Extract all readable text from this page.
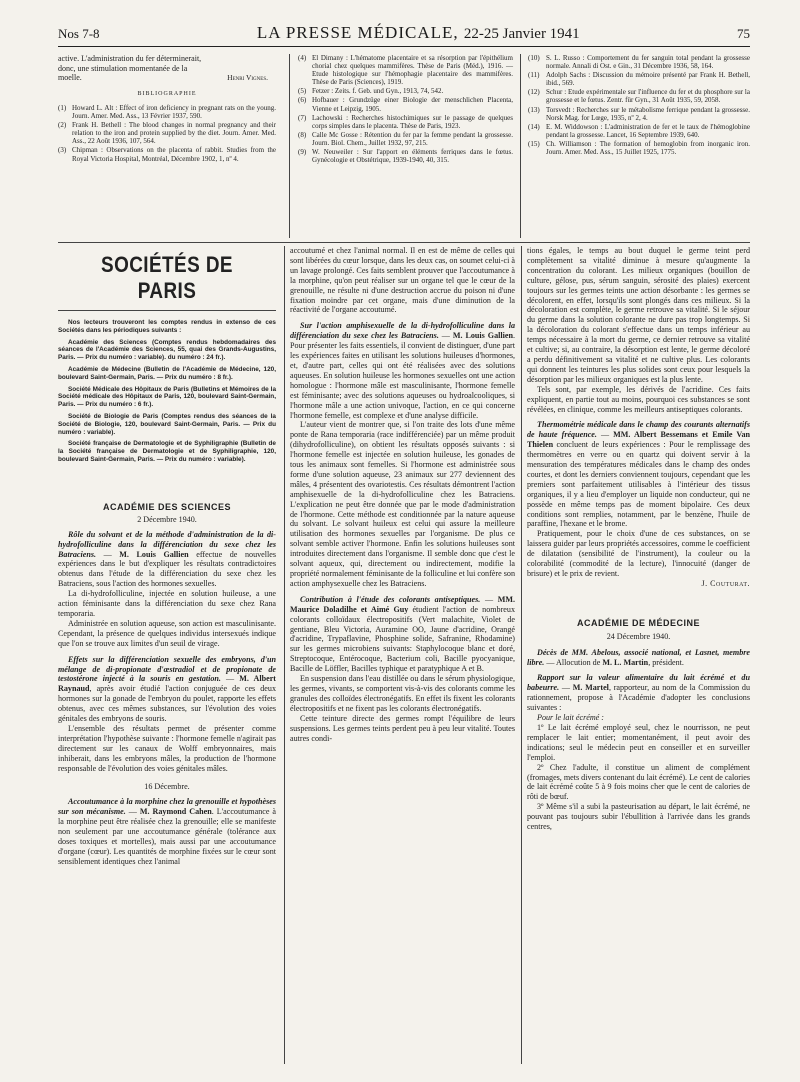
Nos 7-8	LA PRESSE MÉDICALE, 22-25 Janvier 1941	75

active. L'administration du fer déterminerait,

donc, une stimulation momentanée de la

moelle.	Henri Vignes.

BIBLIOGRAPHIE
(1) Howard L. Alt : Effect of iron deficiency in pregnant rats on the young. Journ. Amer. Med. Ass., 13 Février 1937, 590.
(2) Frank H. Bethell : The blood changes in normal pregnancy and their relation to the iron and protein supplied by the diet. Journ. Amer. Med. Ass., 22 Août 1936, 107, 564.
(3) Chipman : Observations on the placenta of rabbit. Studies from the Royal Victoria Hospital, Montréal, Décembre 1902, 1, nº 4.
(4) El Dimany : L'hématome placentaire et sa résorption par l'épithélium chorial chez quelques mammifères. Thèse de Paris (Méd.), 1916. — Etude histologique sur l'hémophagie placentaire des mammifères. Thèse de Paris (Sciences), 1919.
(5) Fetzer : Zeits. f. Geb. und Gyn., 1913, 74, 542.
(6) Hofbauer : Grundzüge einer Biologie der menschlichen Placenta, Vienne et Leipzig, 1905.
(7) Lachowski : Recherches histochimiques sur le passage de quelques corps simples dans le placenta. Thèse de Paris, 1923.
(8) Calle Mc Gosse : Rétention du fer par la femme pendant la grossesse. Journ. Biol. Chem., Juillet 1932, 97, 215.
(9) W. Neuweiler : Sur l'apport en éléments ferriques dans le fœtus. Gynécologie et Obstétrique, 1939-1940, 40, 315.
(10) S. L. Russo : Comportement du fer sanguin total pendant la grossesse normale. Annali di Ost. e Gin., 31 Décembre 1936, 58, 164.
(11) Adolph Sachs : Discussion du mémoire présenté par Frank H. Bethell, ibid., 569.
(12) Schur : Etude expérimentale sur l'influence du fer et du phosphore sur la grossesse et le fœtus. Zentr. für Gyn., 31 Août 1935, 59, 2058.
(13) Torsvedt : Recherches sur le métabolisme ferrique pendant la grossesse. Norsk Mag. for Lœge, 1935, nº 2, 4.
(14) E. M. Widdowson : L'administration de fer et le taux de l'hémoglobine pendant la grossesse. Lancet, 16 Septembre 1939, 640.
(15) Ch. Williamson : The formation of hemoglobin from inorganic iron. Journ. Amer. Med. Ass., 15 Juillet 1925, 1775.
SOCIÉTÉS DE PARIS

Nos lecteurs trouveront les comptes rendus in extenso de ces Sociétés dans les périodiques suivants :

Académie des Sciences (Comptes rendus hebdomadaires des séances de l'Académie des Sciences, 55, quai des Grands-Augustins, Paris. — Prix du numéro : variable). du numéro : 24 fr.).

Académie de Médecine (Bulletin de l'Académie de Médecine, 120, boulevard Saint-Germain, Paris. — Prix du numéro : 8 fr.).

Société Médicale des Hôpitaux de Paris (Bulletins et Mémoires de la Société médicale des Hôpitaux de Paris, 120, boulevard Saint-Germain, Paris. — Prix du numéro : 6 fr.).

Société de Biologie de Paris (Comptes rendus des séances de la Société de Biologie, 120, boulevard Saint-Germain, Paris. — Prix du numéro : variable).

Société française de Dermatologie et de Syphiligraphie (Bulletin de la Société française de Dermatologie et de Syphiligraphie, 120, boulevard Saint-Germain, Paris. — Prix du numéro : variable).

ACADÉMIE DES SCIENCES
2 Décembre 1940.

Rôle du solvant et de la méthode d'administration de la di-hydrofolliculine dans la différenciation du sexe chez les Batraciens. — M. Louis Gallien effectue de nouvelles expériences dans le but d'expliquer les résultats contradictoires obtenus dans l'étude de la différenciation du sexe chez les Batraciens, sous l'action des hormones sexuelles.

La di-hydrofolliculine, injectée en solution huileuse, a une action féminisante dans la différenciation du sexe chez Rana temporaria.

Administrée en solution aqueuse, son action est masculinisante. Cependant, la présence de quelques individus intersexués indique que l'on se trouve aux limites d'un seuil de virage.

Effets sur la différenciation sexuelle des embryons, d'un mélange de di-propionate d'œstradiol et de propionate de testostérone injecté à la souris en gestation. — M. Albert Raynaud, après avoir étudié l'action conjuguée de ces deux hormones sur la gonade de l'embryon du poulet, rapporte les effets obtenus, avec ces mêmes substances, sur l'évolution des voies génitales des embryons de souris.

L'ensemble des résultats permet de présenter comme interprétation l'hypothèse suivante : l'hormone femelle n'agirait pas directement sur les canaux de Wolff embryonnaires, mais inhiberait, dans les embryons mâles, la production de l'hormone responsable de l'évolution des voies génitales mâles.

16 Décembre.

Accoutumance à la morphine chez la grenouille et hypothèses sur son mécanisme. — M. Raymond Cahen. L'accoutumance à la morphine peut être réalisée chez la grenouille; elle se manifeste non seulement par une accoutumance générale (tolérance aux doses toxiques et mortelles), mais aussi par une accoutumance d'organe (cœur). Les quantités de morphine fixées sur le cœur sont sensiblement identiques chez l'animal

accoutumé et chez l'animal normal. Il en est de même de celles qui sont libérées du cœur lorsque, dans les deux cas, on soumet celui-ci à un lavage prolongé. Ces faits semblent prouver que l'accoutumance à la morphine, qu'on peut réaliser sur un organe tel que le cœur de la grenouille, ne résulte ni d'une destruction accrue du poison ni d'une fixation moindre par cet organe, mais d'une diminution de la réactivité de l'organe accoutumé.

Sur l'action amphisexuelle de la di-hydrofolliculine dans la différenciation du sexe chez les Batraciens. — M. Louis Gallien. Pour présenter les faits essentiels, il convient de distinguer, d'une part les expériences faites en utilisant les solutions huileuses d'hormones, et, d'autre part, celles qui ont été réalisées avec des solutions aqueuses. En solution huileuse les hormones sexuelles ont une action homologue : l'hormone mâle est masculinisante, l'hormone femelle est féminisante; avec des solutions aqueuses ou hydroalcooliques, si l'hormone mâle a une action univoque, l'action, en ce qui concerne l'hormone femelle, est complexe et d'une analyse difficile.

L'auteur vient de montrer que, si l'on traite des lots d'une même ponte de Rana temporaria (race indifférenciée) par un même produit (dihydrofolliculine), on obtient les résultats opposés suivants : si l'hormone femelle est injectée en solution huileuse, les gonades de tous les animaux sont femelles. Si l'hormone est administrée sous forme d'une solution aqueuse, 23 animaux sur 277 deviennent des mâles, 4 présentent des ovariotestis. Ces résultats démontrent l'action amphisexuelle de la di-hydrofolliculine chez les Batraciens. L'explication ne peut être donnée que par le mode d'administration de l'hormone. Cette méthode est conditionnée par la nature aqueuse du solvant. Le solvant huileux est celui qui assure la meilleure utilisation des hormones sexuelles par l'organisme. De plus ce solvant semble activer l'hormone. Enfin les solutions huileuses sont introduites directement dans l'organisme. Il semble donc que c'est le solvant aqueux, qui, directement ou indirectement, modifie la propriété normalement féminisante de la folliculine et lui confère son action amphysexuelle chez les Batraciens.

Contribution à l'étude des colorants antiseptiques. — MM. Maurice Doladilhe et Aimé Guy étudient l'action de nombreux colorants colloïdaux électropositifs (Vert malachite, Violet de gentiane, Bleu Victoria, Auramine OO, Jaune d'acridine, Orangé d'acridine, Trypaflavine, Phosphine solide, Safranine, Rhodamine) sur les germes microbiens suivants: Staphylocoque blanc et doré, Streptocoque, Entérocoque, Bacterium coli, Bacille pyocyanique, Bacille de Löffler, Bacilles typhique et paratyphique A et B.

En suspension dans l'eau distillée ou dans le sérum physiologique, les germes, vivants, se comportent vis-à-vis des colorants comme les granules des colloïdes électronégatifs. En effet ils fixent les colorants électropositifs et ne fixent pas les colorants électronégatifs.

Cette teinture directe des germes rompt l'équilibre de leurs suspensions. Les germes teints perdent peu à peu leur vitalité. Toutes autres condi-

tions égales, le temps au bout duquel le germe teint perd complètement sa vitalité diminue à mesure qu'augmente la concentration du colorant. Les milieux organiques (bouillon de culture, gélose, pus, sérum sanguin, sérosité des plaies) exercent toujours sur les germes teints une action désorbante : les germes se décolorent, en effet, lorsqu'ils sont plongés dans ces milieux. Si la décoloration est complète, le germe retrouve sa vitalité. Si le séjour du germe dans la solution colorante ne dure pas trop longtemps. Si la décoloration du colorant s'effectue dans un temps inférieur au temps nécessaire à la mort du germe, ce dernier retrouve sa vitalité et cultive; si, au contraire, la désorption est lente, le germe décoloré a perdu définitivement sa vitalité et ne cultive plus. Les colorants qui donnent les teintures les plus solides sont ceux pour lesquels la désorption par les milieux organiques est la plus lente.

Tels sont, par exemple, les dérivés de l'acridine. Ces faits expliquent, en partie tout au moins, pourquoi ces substances se sont révélées, en clinique, comme les meilleurs antiseptiques colorants.

Thermométrie médicale dans le champ des courants alternatifs de haute fréquence. — MM. Albert Bessemans et Emile Van Thielen concluent de leurs expériences : Pour le remplissage des thermomètres en verre ou en quartz qui doivent servir à la mensuration des températures médicales dans le champ des ondes courtes, et dont les derniers conviennent toujours, cependant que les premiers sont parfaitement utilisables à l'intérieur des tissus organiques, il y a lieu d'employer un liquide non conducteur, qui ne possède en même temps pas de moment bipolaire. Ces deux conditions sont remplies, notamment, par le benzène, l'huile de paraffine, l'hexane et le brome.

Pratiquement, pour le choix d'une de ces substances, on se laissera guider par leurs propriétés accessoires, comme le coefficient de dilatation (sensibilité de l'instrument), la couleur ou la colorabilité (commodité de la lecture), l'innocuité (danger de brisure) et le prix de revient.

J. Couturat.
ACADÉMIE DE MÉDECINE
24 Décembre 1940.

Décès de MM. Abelous, associé national, et Lasnet, membre libre. — Allocution de M. L. Martin, président.

Rapport sur la valeur alimentaire du lait écrémé et du babeurre. — M. Martel, rapporteur, au nom de la Commission du rationnement, propose à l'Académie d'adopter les conclusions suivantes :

Pour le lait écrémé :

1º Le lait écrémé employé seul, chez le nourrisson, ne peut remplacer le lait entier; momentanément, il peut avoir des indications; seul le médecin peut en conseiller et en surveiller l'emploi.

2º Chez l'adulte, il constitue un aliment de complément (fromages, mets divers contenant du lait écrémé). Le cent de calories de lait écrémé coûte 5 à 9 fois moins cher que le cent de calories de rôti de bœuf.

3º Même s'il a subi la pasteurisation au départ, le lait écrémé, ne pouvant pas toujours subir l'ébullition à l'arrivée dans les grands centres,
